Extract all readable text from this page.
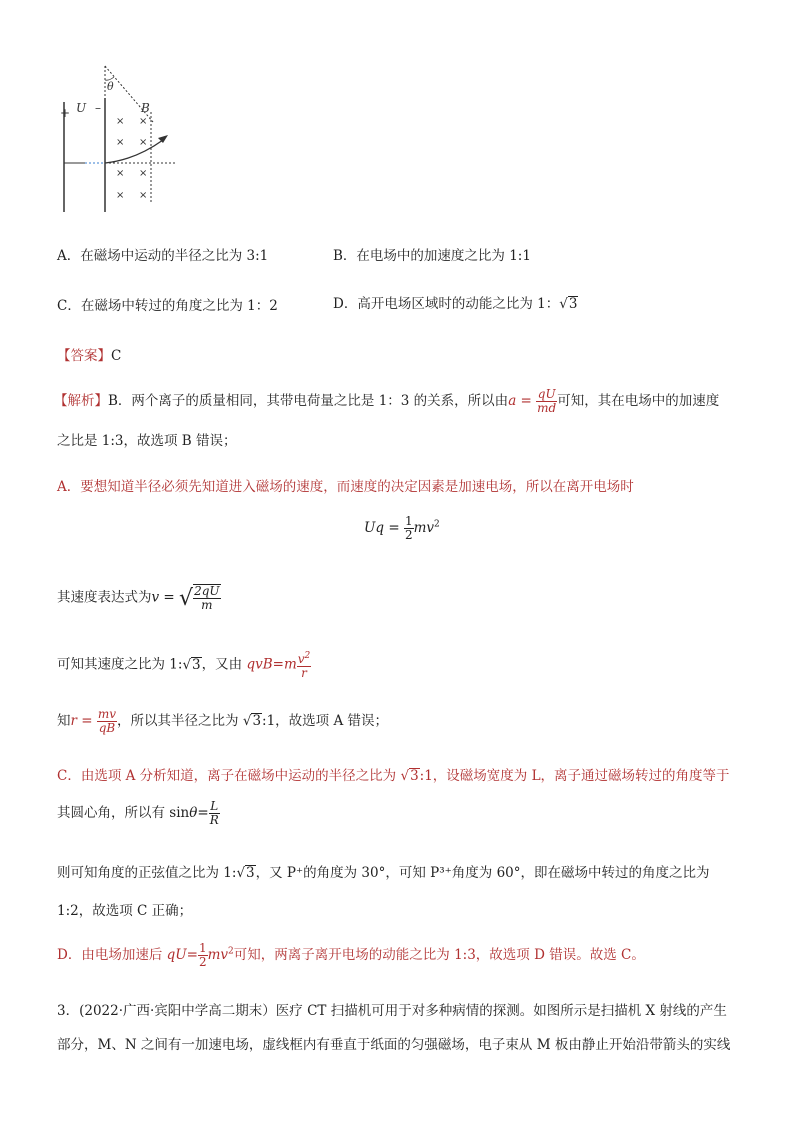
+ U –
θ
B
× ×
× ×
× ×
× ×
A．在磁场中运动的半径之比为 3:1	B．在电场中的加速度之比为 1:1
C．在磁场中转过的角度之比为 1：2	D．高开电场区域时的动能之比为 1：√3
【答案】C
【解析】B．两个离子的质量相同，其带电荷量之比是 1：3 的关系，所以由$a = \frac{qU}{md}$ 可知，其在电场中的加速度
之比是 1:3，故选项 B 错误；
A．要想知道半径必须先知道进入磁场的速度，而速度的决定因素是加速电场，所以在离开电场时
$Uq = \frac{1}{2} mv^2$
其速度表达式为v = √ $\frac{2qU}{m}$
可知其速度之比为 1:√3，又由 $qvB=m \frac{v^2}{r}$
知$r = \frac{mv}{qB}$ ，所以其半径之比为 √3:1，故选项 A 错误；
C．由选项 A 分析知道，离子在磁场中运动的半径之比为 √3:1，设磁场宽度为 L，离子通过磁场转过的角度等于
其圆心角，所以有 $\sin\theta= \frac{L}{R}$
则可知角度的正弦值之比为 1:√3，又 P⁺的角度为 30°，可知 P³⁺角度为 60°，即在磁场中转过的角度之比为
1:2，故选项 C 正确；
D．由电场加速后 $qU= \frac{1}{2} mv^2$可知，两离子离开电场的动能之比为 1:3，故选项 D 错误。故选 C。
3．(2022·广西·宾阳中学高二期末）医疗 CT 扫描机可用于对多种病情的探测。如图所示是扫描机 X 射线的产生
部分，M、N 之间有一加速电场，虚线框内有垂直于纸面的匀强磁场，电子束从 M 板由静止开始沿带箭头的实线
